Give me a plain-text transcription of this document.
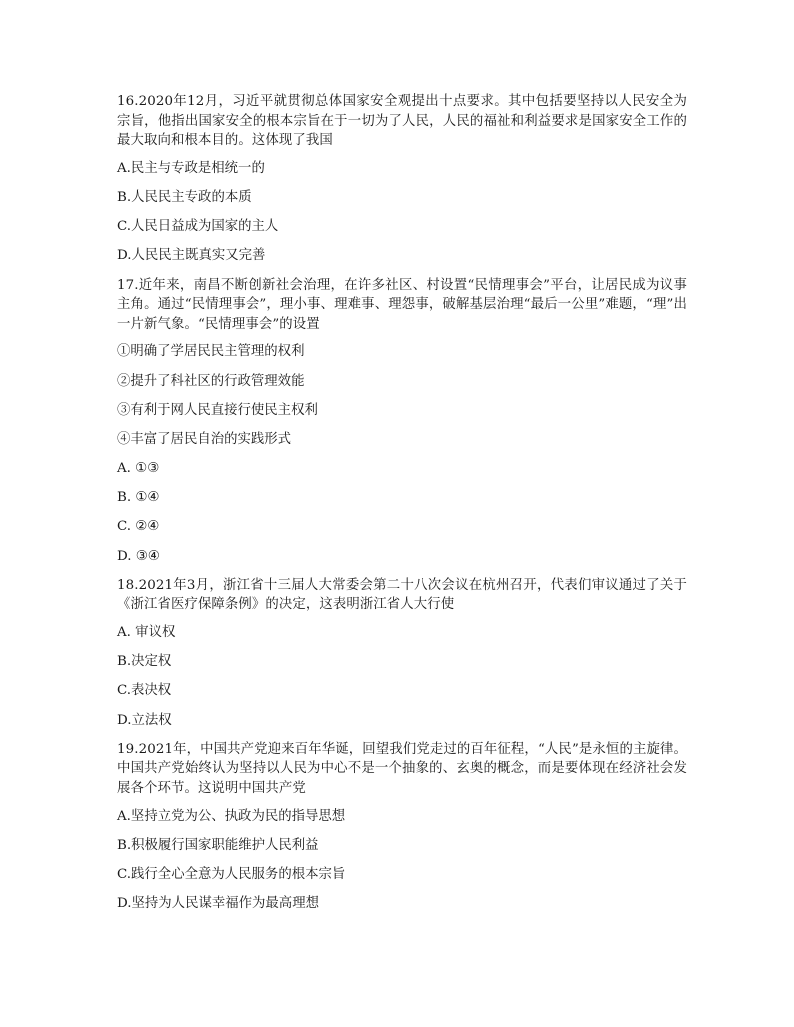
16.2020年12月，习近平就贯彻总体国家安全观提出十点要求。其中包括要坚持以人民安全为宗旨，他指出国家安全的根本宗旨在于一切为了人民，人民的福祉和利益要求是国家安全工作的最大取向和根本目的。这体现了我国

A.民主与专政是相统一的

B.人民民主专政的本质

C.人民日益成为国家的主人

D.人民民主既真实又完善

17.近年来，南昌不断创新社会治理，在许多社区、村设置“民情理事会”平台，让居民成为议事主角。通过“民情理事会”，理小事、理难事、理怨事，破解基层治理“最后一公里”难题，“理”出一片新气象。“民情理事会”的设置

①明确了学居民民主管理的权利

②提升了科社区的行政管理效能

③有利于网人民直接行使民主权利

④丰富了居民自治的实践形式

A. ①③

B. ①④

C. ②④

D. ③④

18.2021年3月，浙江省十三届人大常委会第二十八次会议在杭州召开，代表们审议通过了关于《浙江省医疗保障条例》的决定，这表明浙江省人大行使

A. 审议权

B.决定权

C.表决权

D.立法权

19.2021年，中国共产党迎来百年华诞，回望我们党走过的百年征程，“人民”是永恒的主旋律。中国共产党始终认为坚持以人民为中心不是一个抽象的、玄奥的概念，而是要体现在经济社会发展各个环节。这说明中国共产党

A.坚持立党为公、执政为民的指导思想

B.积极履行国家职能维护人民利益

C.践行全心全意为人民服务的根本宗旨

D.坚持为人民谋幸福作为最高理想
